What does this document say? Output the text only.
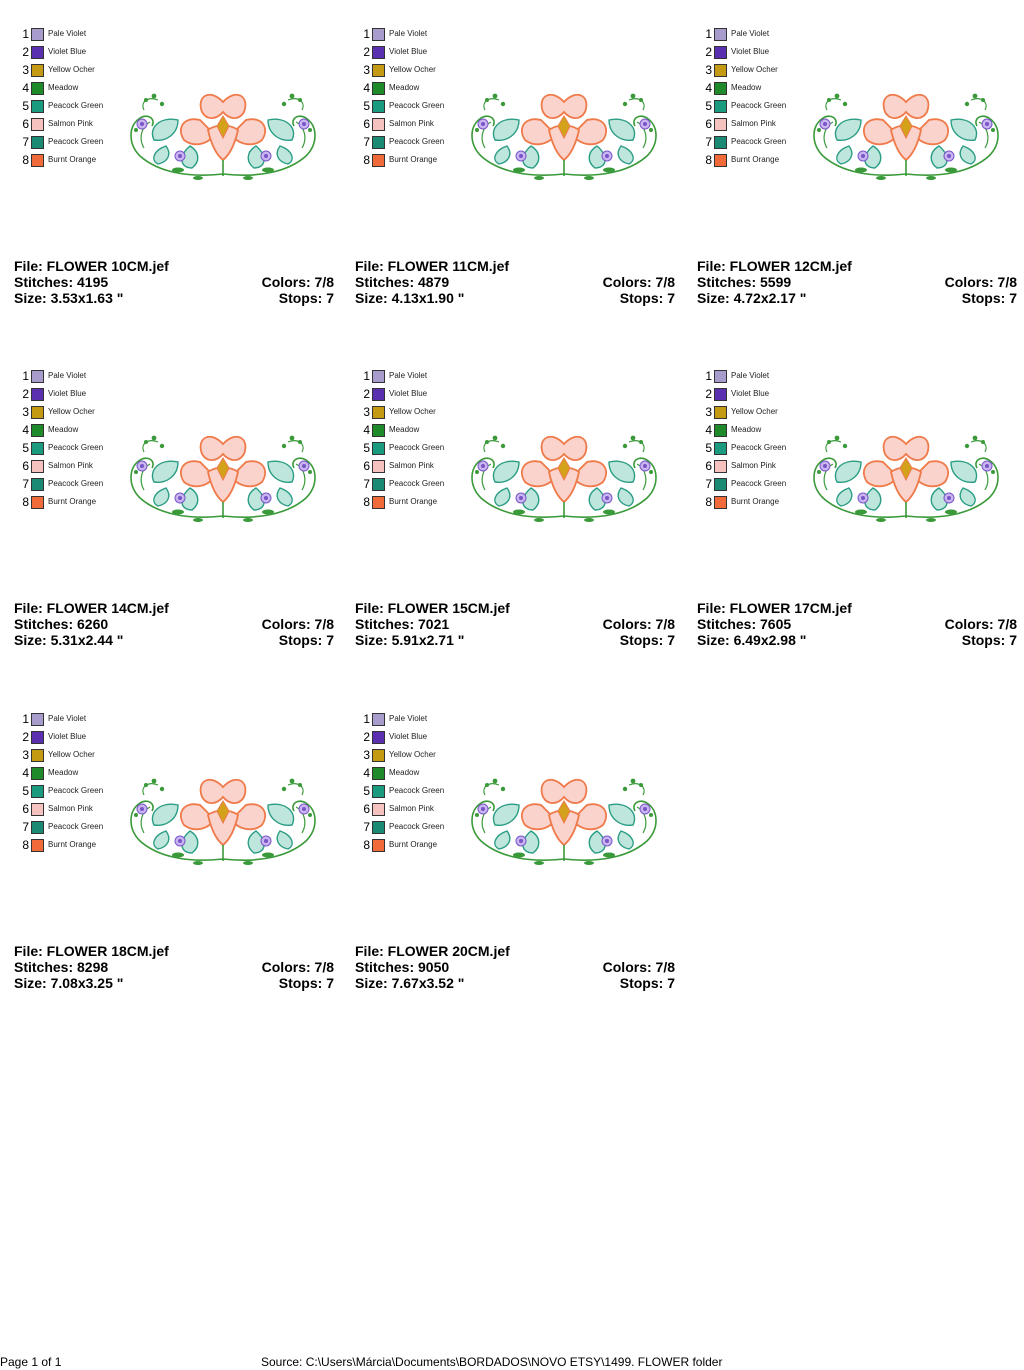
1 Pale Violet
2 Violet Blue
3 Yellow Ocher
4 Meadow
5 Peacock Green
6 Salmon Pink
7 Peacock Green
8 Burnt Orange
File: FLOWER 10CM.jef
Stitches: 4195	Colors: 7/8
Size: 3.53x1.63 "	Stops: 7
1 Pale Violet
2 Violet Blue
3 Yellow Ocher
4 Meadow
5 Peacock Green
6 Salmon Pink
7 Peacock Green
8 Burnt Orange
File: FLOWER 11CM.jef
Stitches: 4879	Colors: 7/8
Size: 4.13x1.90 "	Stops: 7
1 Pale Violet
2 Violet Blue
3 Yellow Ocher
4 Meadow
5 Peacock Green
6 Salmon Pink
7 Peacock Green
8 Burnt Orange
File: FLOWER 12CM.jef
Stitches: 5599	Colors: 7/8
Size: 4.72x2.17 "	Stops: 7
1 Pale Violet
2 Violet Blue
3 Yellow Ocher
4 Meadow
5 Peacock Green
6 Salmon Pink
7 Peacock Green
8 Burnt Orange
File: FLOWER 14CM.jef
Stitches: 6260	Colors: 7/8
Size: 5.31x2.44 "	Stops: 7
1 Pale Violet
2 Violet Blue
3 Yellow Ocher
4 Meadow
5 Peacock Green
6 Salmon Pink
7 Peacock Green
8 Burnt Orange
File: FLOWER 15CM.jef
Stitches: 7021	Colors: 7/8
Size: 5.91x2.71 "	Stops: 7
1 Pale Violet
2 Violet Blue
3 Yellow Ocher
4 Meadow
5 Peacock Green
6 Salmon Pink
7 Peacock Green
8 Burnt Orange
File: FLOWER 17CM.jef
Stitches: 7605	Colors: 7/8
Size: 6.49x2.98 "	Stops: 7
1 Pale Violet
2 Violet Blue
3 Yellow Ocher
4 Meadow
5 Peacock Green
6 Salmon Pink
7 Peacock Green
8 Burnt Orange
File: FLOWER 18CM.jef
Stitches: 8298	Colors: 7/8
Size: 7.08x3.25 "	Stops: 7
1 Pale Violet
2 Violet Blue
3 Yellow Ocher
4 Meadow
5 Peacock Green
6 Salmon Pink
7 Peacock Green
8 Burnt Orange
File: FLOWER 20CM.jef
Stitches: 9050	Colors: 7/8
Size: 7.67x3.52 "	Stops: 7
Page 1 of 1	Source: C:\Users\Márcia\Documents\BORDADOS\NOVO ETSY\1499. FLOWER folder
